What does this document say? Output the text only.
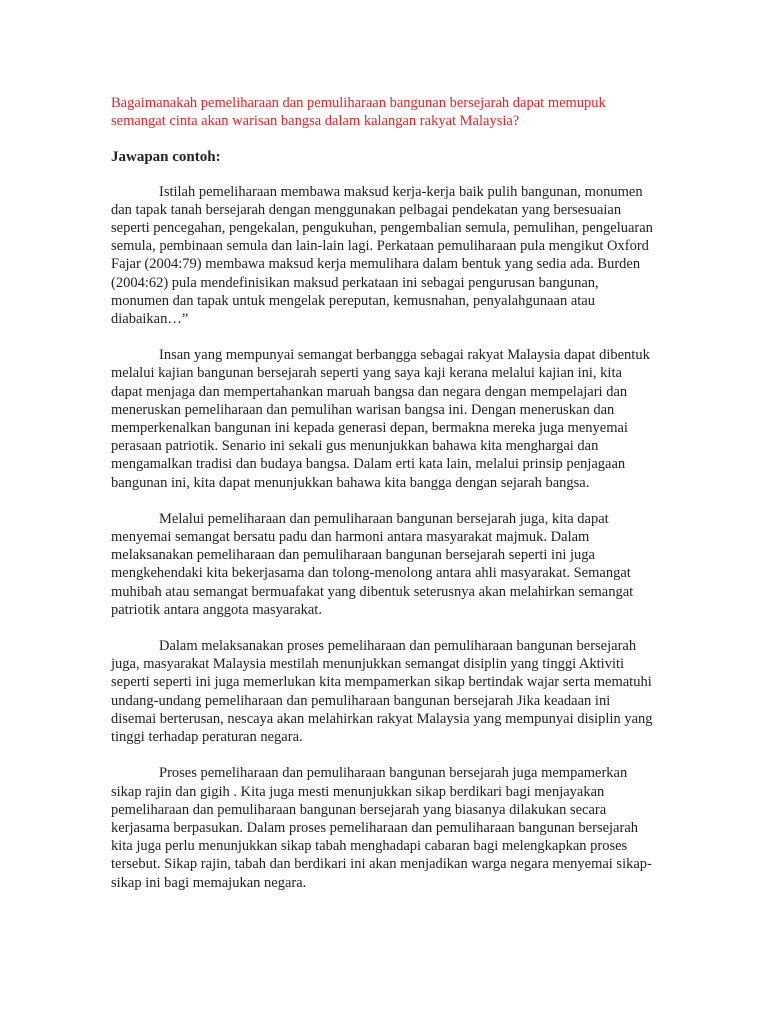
Bagaimanakah pemeliharaan dan pemuliharaan bangunan bersejarah dapat memupuk semangat cinta akan warisan bangsa dalam kalangan rakyat Malaysia?

Jawapan contoh:

Istilah pemeliharaan membawa maksud kerja-kerja baik pulih bangunan, monumen dan tapak tanah bersejarah dengan menggunakan pelbagai pendekatan yang bersesuaian seperti pencegahan, pengekalan, pengukuhan, pengembalian semula, pemulihan, pengeluaran semula, pembinaan semula dan lain-lain lagi. Perkataan pemuliharaan pula mengikut Oxford Fajar (2004:79) membawa maksud kerja memulihara dalam bentuk yang sedia ada. Burden (2004:62) pula mendefinisikan maksud perkataan ini sebagai pengurusan bangunan, monumen dan tapak untuk mengelak pereputan, kemusnahan, penyalahgunaan atau diabaikan…”

Insan yang mempunyai semangat berbangga sebagai rakyat Malaysia dapat dibentuk melalui kajian bangunan bersejarah seperti yang saya kaji kerana melalui kajian ini, kita dapat menjaga dan mempertahankan maruah bangsa dan negara dengan mempelajari dan meneruskan pemeliharaan dan pemulihan warisan bangsa ini. Dengan meneruskan dan memperkenalkan bangunan ini kepada generasi depan, bermakna mereka juga menyemai perasaan patriotik. Senario ini sekali gus menunjukkan bahawa kita menghargai dan mengamalkan tradisi dan budaya bangsa. Dalam erti kata lain, melalui prinsip penjagaan bangunan ini, kita dapat menunjukkan bahawa kita bangga dengan sejarah bangsa.

Melalui pemeliharaan dan pemuliharaan bangunan bersejarah juga, kita dapat menyemai semangat bersatu padu dan harmoni antara masyarakat majmuk. Dalam melaksanakan pemeliharaan dan pemuliharaan bangunan bersejarah seperti ini juga mengkehendaki kita bekerjasama dan tolong-menolong antara ahli masyarakat. Semangat muhibah atau semangat bermuafakat yang dibentuk seterusnya akan melahirkan semangat patriotik antara anggota masyarakat.

Dalam melaksanakan proses pemeliharaan dan pemuliharaan bangunan bersejarah juga, masyarakat Malaysia mestilah menunjukkan semangat disiplin yang tinggi Aktiviti seperti seperti ini juga memerlukan kita mempamerkan sikap bertindak wajar serta mematuhi undang-undang pemeliharaan dan pemuliharaan bangunan bersejarah Jika keadaan ini disemai berterusan, nescaya akan melahirkan rakyat Malaysia yang mempunyai disiplin yang tinggi terhadap peraturan negara.

Proses pemeliharaan dan pemuliharaan bangunan bersejarah juga mempamerkan sikap rajin dan gigih . Kita juga mesti menunjukkan sikap berdikari bagi menjayakan pemeliharaan dan pemuliharaan bangunan bersejarah yang biasanya dilakukan secara kerjasama berpasukan. Dalam proses pemeliharaan dan pemuliharaan bangunan bersejarah kita juga perlu menunjukkan sikap tabah menghadapi cabaran bagi melengkapkan proses tersebut. Sikap rajin, tabah dan berdikari ini akan menjadikan warga negara menyemai sikap-sikap ini bagi memajukan negara.
